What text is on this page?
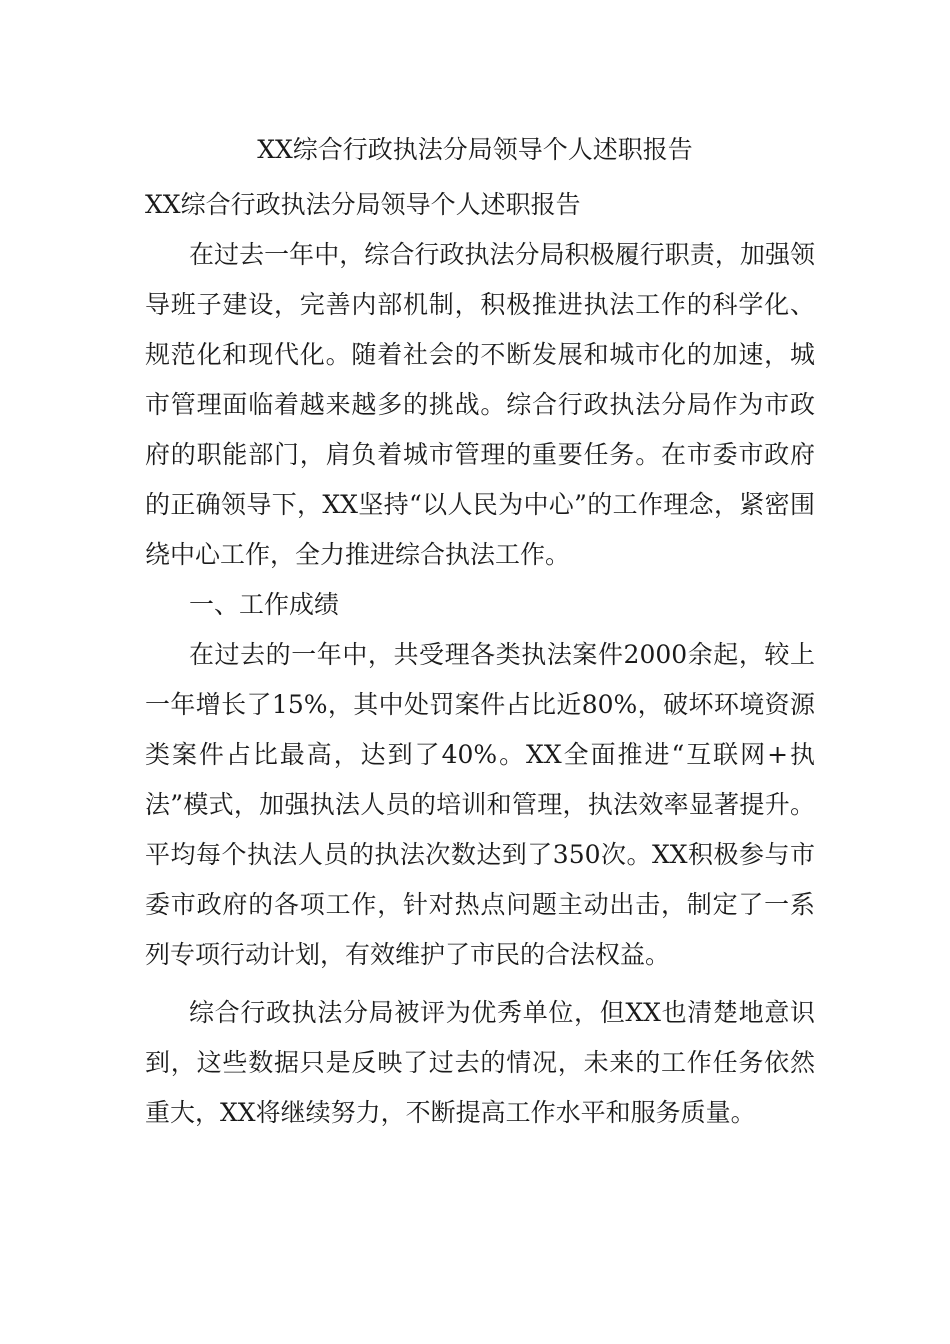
XX综合行政执法分局领导个人述职报告

XX综合行政执法分局领导个人述职报告

在过去一年中，综合行政执法分局积极履行职责，加强领导班子建设，完善内部机制，积极推进执法工作的科学化、规范化和现代化。随着社会的不断发展和城市化的加速，城市管理面临着越来越多的挑战。综合行政执法分局作为市政府的职能部门，肩负着城市管理的重要任务。在市委市政府的正确领导下，XX坚持“以人民为中心”的工作理念，紧密围绕中心工作，全力推进综合执法工作。

一、工作成绩

在过去的一年中，共受理各类执法案件2000余起，较上一年增长了15%，其中处罚案件占比近80%，破坏环境资源类案件占比最高，达到了40%。XX全面推进“互联网+执法”模式，加强执法人员的培训和管理，执法效率显著提升。平均每个执法人员的执法次数达到了350次。XX积极参与市委市政府的各项工作，针对热点问题主动出击，制定了一系列专项行动计划，有效维护了市民的合法权益。

综合行政执法分局被评为优秀单位，但XX也清楚地意识到，这些数据只是反映了过去的情况，未来的工作任务依然重大，XX将继续努力，不断提高工作水平和服务质量。
